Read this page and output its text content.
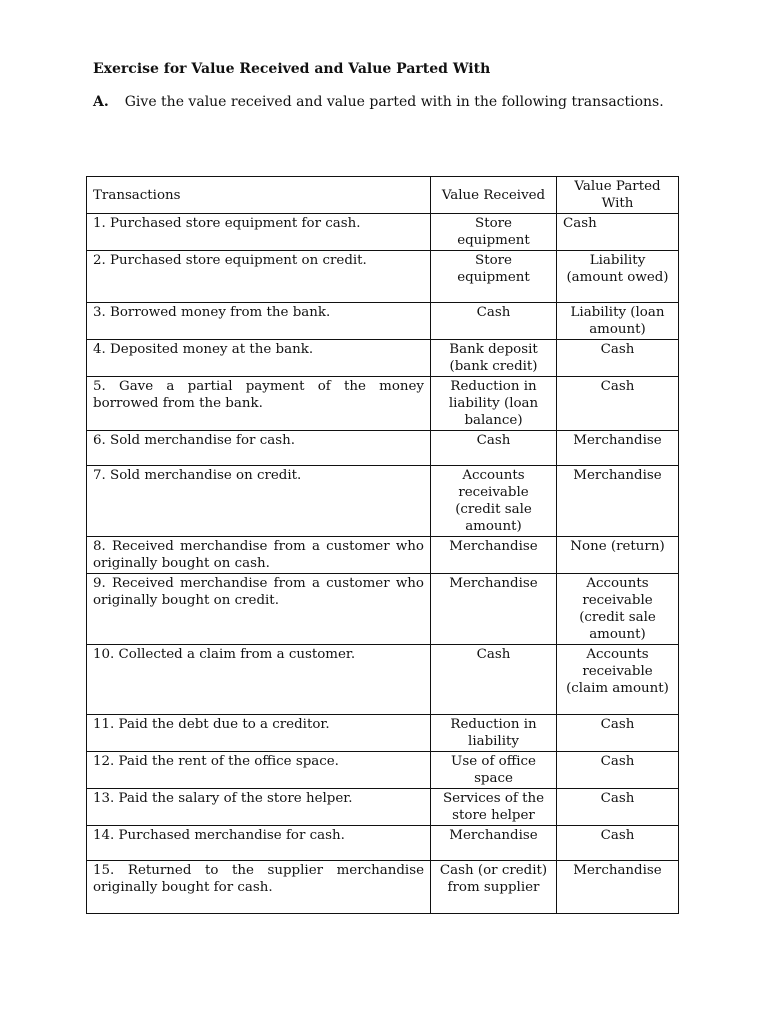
Exercise for Value Received and Value Parted With
A. Give the value received and value parted with in the following transactions.
Transactions	Value Received	Value Parted With
1. Purchased store equipment for cash.	Store equipment	Cash
2. Purchased store equipment on credit.	Store equipment	Liability (amount owed)
3. Borrowed money from the bank.	Cash	Liability (loan amount)
4. Deposited money at the bank.	Bank deposit (bank credit)	Cash
5. Gave a partial payment of the money borrowed from the bank.	Reduction in liability (loan balance)	Cash
6. Sold merchandise for cash.	Cash	Merchandise
7. Sold merchandise on credit.	Accounts receivable (credit sale amount)	Merchandise
8. Received merchandise from a customer who originally bought on cash.	Merchandise	None (return)
9. Received merchandise from a customer who originally bought on credit.	Merchandise	Accounts receivable (credit sale amount)
10. Collected a claim from a customer.	Cash	Accounts receivable (claim amount)
11. Paid the debt due to a creditor.	Reduction in liability	Cash
12. Paid the rent of the office space.	Use of office space	Cash
13. Paid the salary of the store helper.	Services of the store helper	Cash
14. Purchased merchandise for cash.	Merchandise	Cash
15. Returned to the supplier merchandise originally bought for cash.	Cash (or credit) from supplier	Merchandise
